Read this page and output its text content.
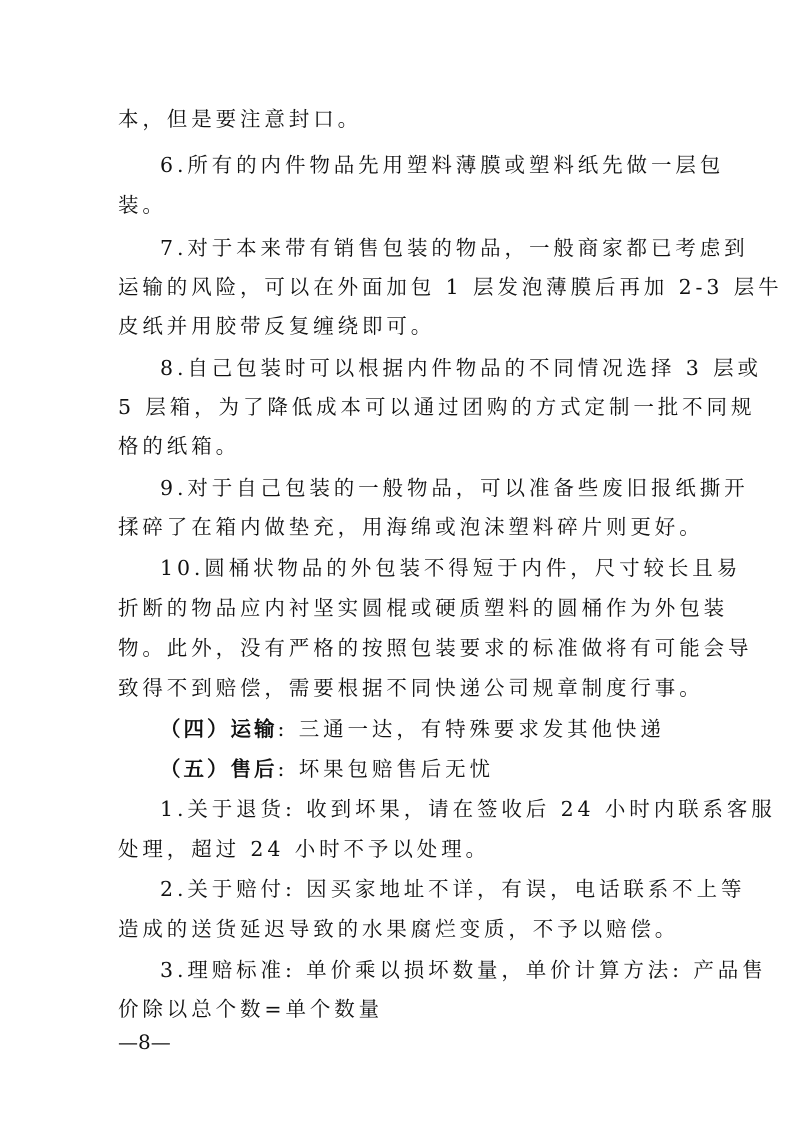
本，但是要注意封口。
6.所有的内件物品先用塑料薄膜或塑料纸先做一层包
装。
7.对于本来带有销售包装的物品，一般商家都已考虑到
运输的风险，可以在外面加包 1 层发泡薄膜后再加 2-3 层牛
皮纸并用胶带反复缠绕即可。
8.自己包装时可以根据内件物品的不同情况选择 3 层或
5 层箱，为了降低成本可以通过团购的方式定制一批不同规
格的纸箱。
9.对于自己包装的一般物品，可以准备些废旧报纸撕开
揉碎了在箱内做垫充，用海绵或泡沫塑料碎片则更好。
10.圆桶状物品的外包装不得短于内件，尺寸较长且易
折断的物品应内衬坚实圆棍或硬质塑料的圆桶作为外包装
物。此外，没有严格的按照包装要求的标准做将有可能会导
致得不到赔偿，需要根据不同快递公司规章制度行事。
（四）运输: 三通一达，有特殊要求发其他快递
（五）售后: 坏果包赔售后无忧
1.关于退货: 收到坏果，请在签收后 24 小时内联系客服
处理，超过 24 小时不予以处理。
2.关于赔付: 因买家地址不详，有误，电话联系不上等
造成的送货延迟导致的水果腐烂变质，不予以赔偿。
3.理赔标准: 单价乘以损坏数量，单价计算方法: 产品售
价除以总个数=单个数量
—8—
